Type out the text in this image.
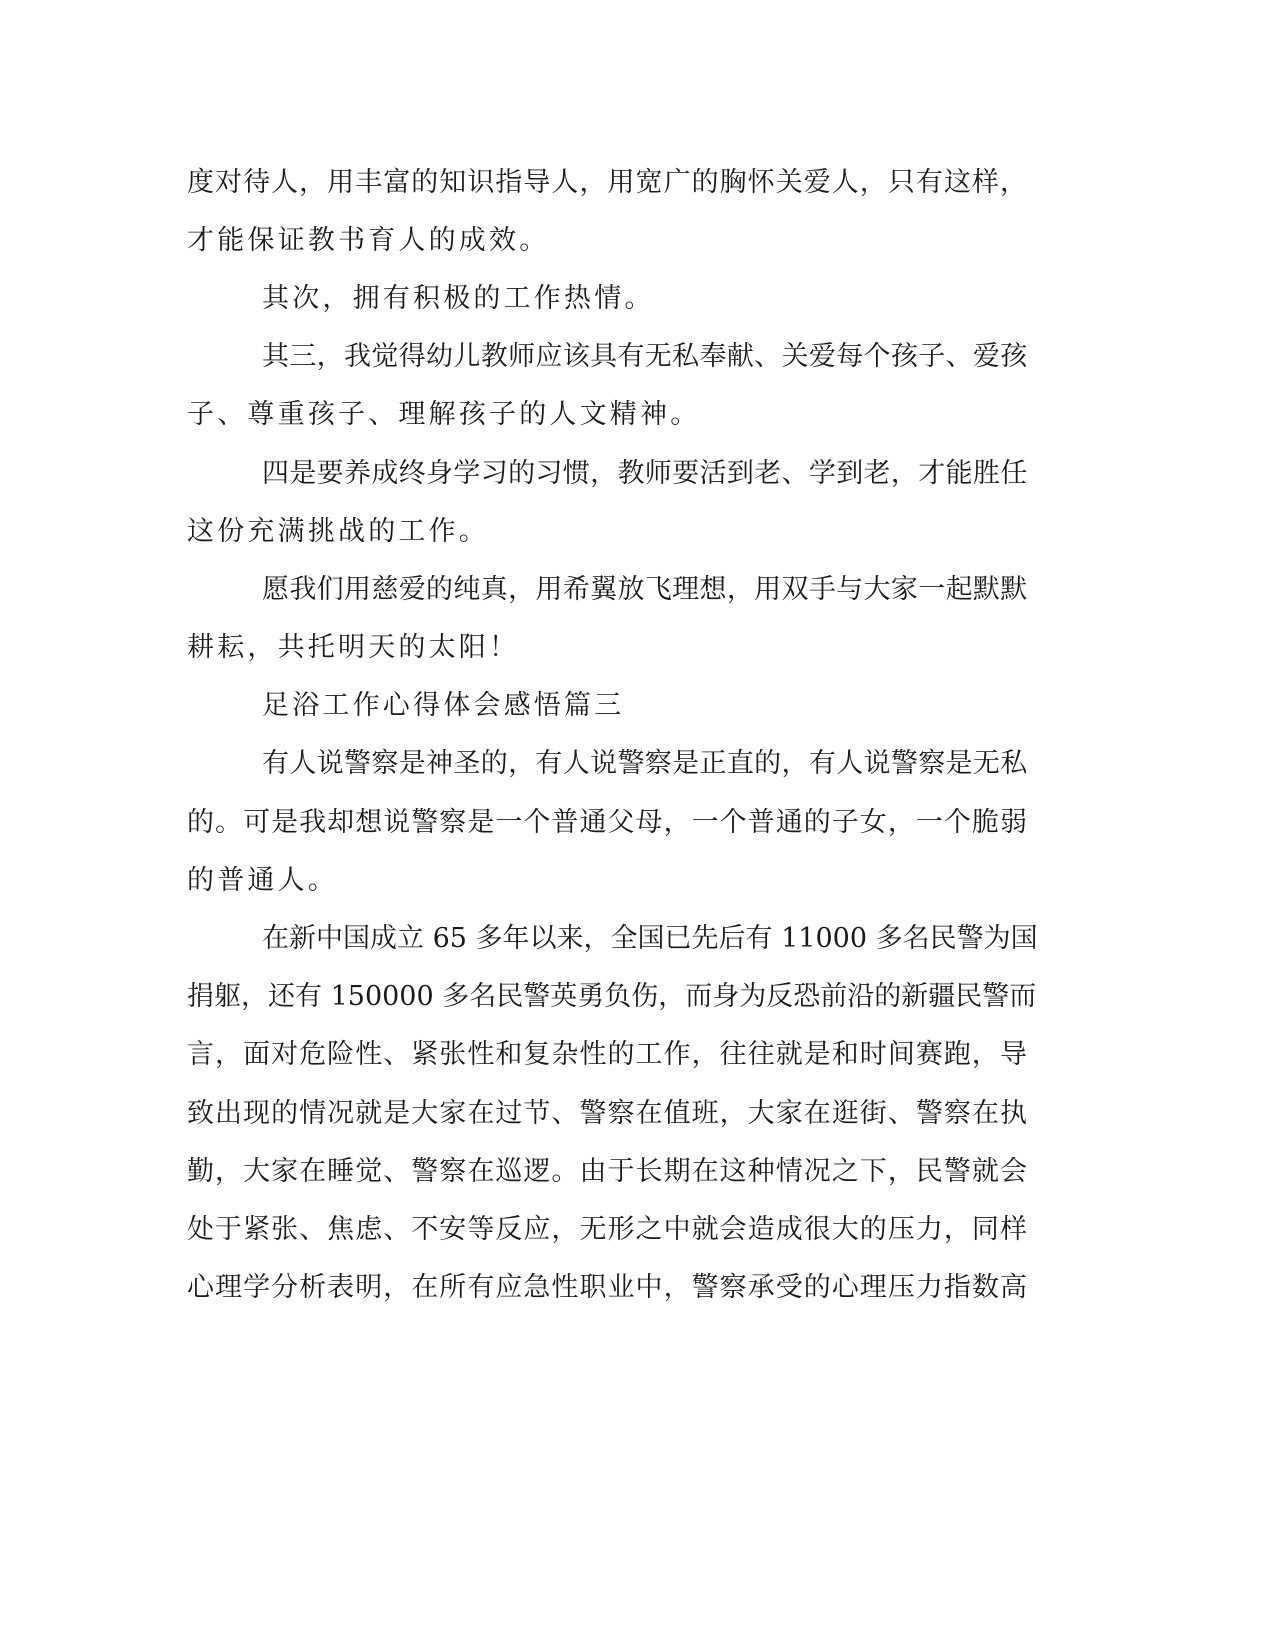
度对待人，用丰富的知识指导人，用宽广的胸怀关爱人，只有这样，
才能保证教书育人的成效。
其次，拥有积极的工作热情。
其三，我觉得幼儿教师应该具有无私奉献、关爱每个孩子、爱孩
子、尊重孩子、理解孩子的人文精神。
四是要养成终身学习的习惯，教师要活到老、学到老，才能胜任
这份充满挑战的工作。
愿我们用慈爱的纯真，用希翼放飞理想，用双手与大家一起默默
耕耘，共托明天的太阳！
足浴工作心得体会感悟篇三
有人说警察是神圣的，有人说警察是正直的，有人说警察是无私
的。可是我却想说警察是一个普通父母，一个普通的子女，一个脆弱
的普通人。
在新中国成立 65 多年以来，全国已先后有 11000 多名民警为国
捐躯，还有 150000 多名民警英勇负伤，而身为反恐前沿的新疆民警而
言，面对危险性、紧张性和复杂性的工作，往往就是和时间赛跑，导
致出现的情况就是大家在过节、警察在值班，大家在逛街、警察在执
勤，大家在睡觉、警察在巡逻。由于长期在这种情况之下，民警就会
处于紧张、焦虑、不安等反应，无形之中就会造成很大的压力，同样
心理学分析表明，在所有应急性职业中，警察承受的心理压力指数高
